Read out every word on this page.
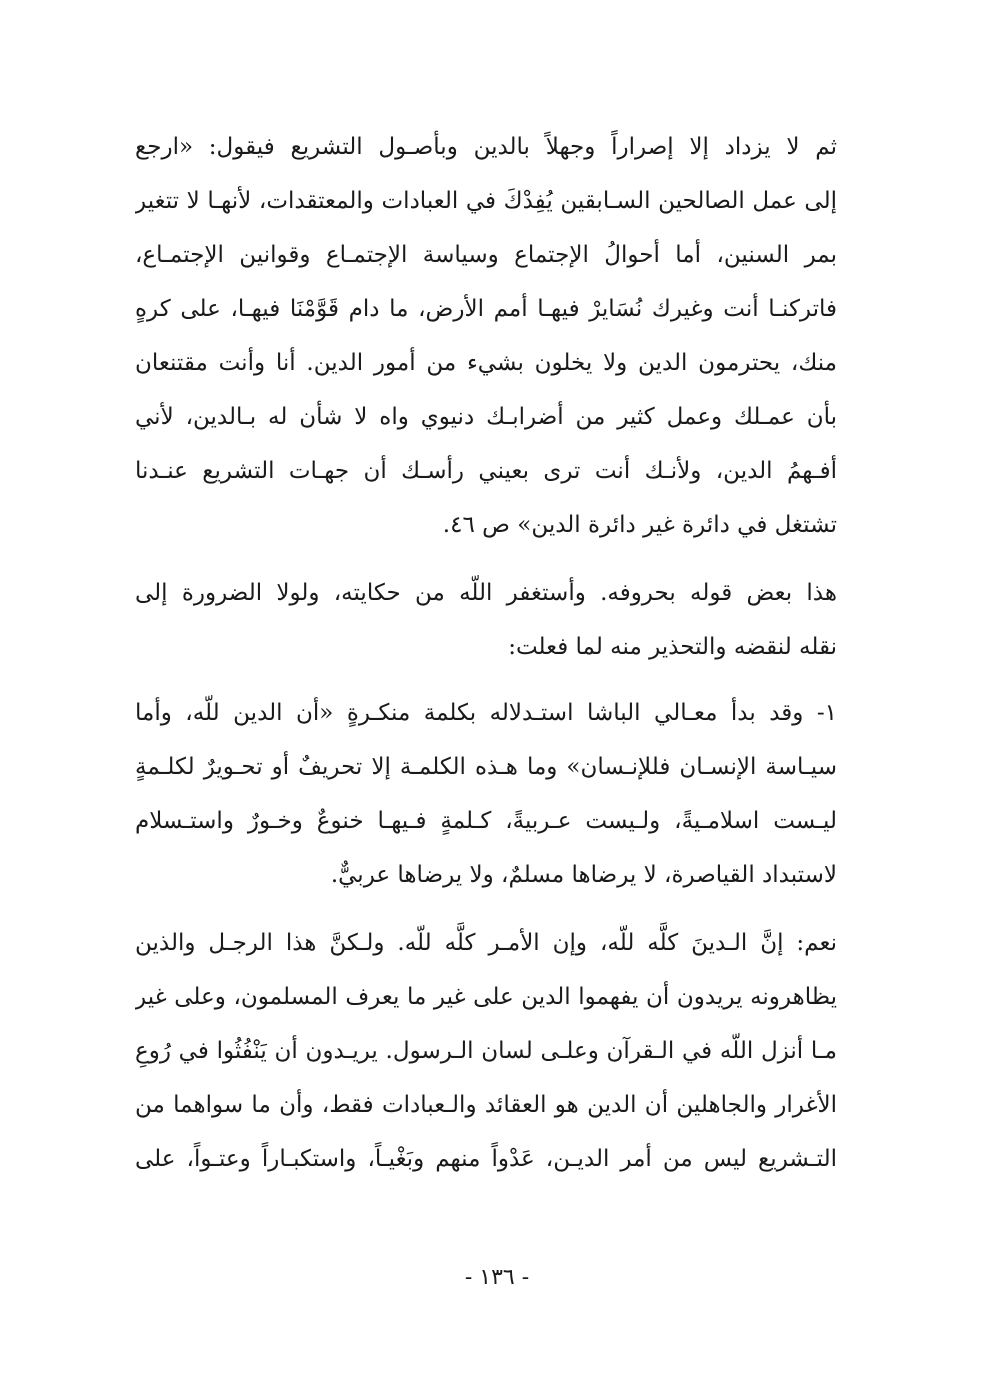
ثم لا يزداد إلا إصراراً وجهلاً بالدين وبأصـول التشريع فيقول: «ارجع
إلى عمل الصالحين السـابقين يُفِدْكَ في العبادات والمعتقدات، لأنهـا لا تتغير
بمر السنين، أما أحوالُ الإجتماع وسياسة الإجتمـاع وقوانين الإجتمـاع،
فاتركنـا أنت وغيرك نُسَايرْ فيهـا أمم الأرض، ما دام قَوَّمْنَا فيهـا، على كرهٍ
منك، يحترمون الدين ولا يخلون بشيء من أمور الدين. أنا وأنت مقتنعان
بأن عمـلك وعمل كثير من أضرابـك دنيوي واه لا شأن له بـالدين، لأني
أفـهمُ الدين، ولأنـك أنت ترى بعيني رأسـك أن جهـات التشريع عنـدنا
تشتغل في دائرة غير دائرة الدين» ص ٤٦.
هذا بعض قوله بحروفه. وأستغفر اللّه من حكايته، ولولا الضرورة إلى
نقله لنقضه والتحذير منه لما فعلت:
١- وقد بدأ معـالي الباشا استـدلاله بكلمة منكـرةٍ «أن الدين للّه، وأما
سيـاسة الإنسـان فللإنـسان» وما هـذه الكلمـة إلا تحريفٌ أو تحـويرٌ لكلـمةٍ
ليـست اسلامـيةً، ولـيست عـربيةً، كـلمةٍ فـيهـا خنوعٌ وخـورٌ واستـسلام
لاستبداد القياصرة، لا يرضاها مسلمٌ، ولا يرضاها عربيٌّ.
نعم: إنَّ الـدينَ كلَّه للّه، وإن الأمـر كلَّه للّه. ولـكنَّ هذا الرجـل والذين
يظاهرونه يريدون أن يفهموا الدين على غير ما يعرف المسلمون، وعلى غير
مـا أنزل اللّه في الـقرآن وعلـى لسان الـرسول. يريـدون أن يَنْفُثُوا في رُوعِ
الأغرار والجاهلين أن الدين هو العقائد والـعبادات فقط، وأن ما سواهما من
التـشريع ليس من أمر الديـن، عَدْواً منهم وبَغْيـاً، واستكبـاراً وعتـواً، على
- ١٣٦ -
